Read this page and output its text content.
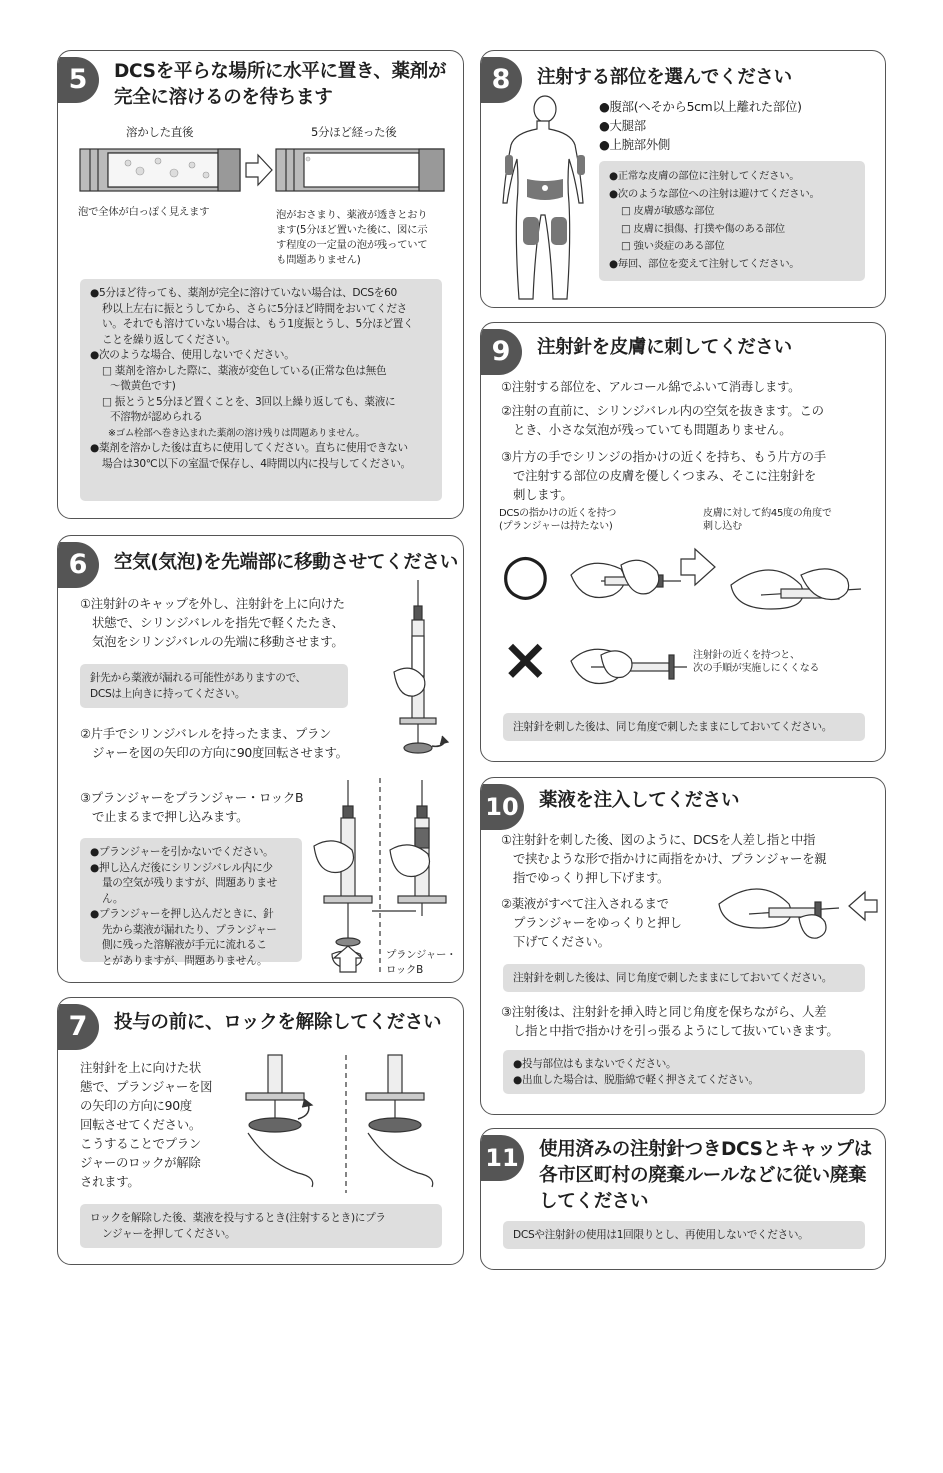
5	DCSを平らな場所に水平に置き、薬剤が
完全に溶けるのを待ちます
溶かした直後	5分ほど経った後
泡で全体が白っぽく見えます	泡がおさまり、薬液が透きとおり
ます(5分ほど置いた後に、図に示
す程度の一定量の泡が残っていて
も問題ありません)

●5分ほど待っても、薬剤が完全に溶けていない場合は、DCSを60

秒以上左右に振とうしてから、さらに5分ほど時間をおいてくださ

い。それでも溶けていない場合は、もう1度振とうし、5分ほど置く

ことを繰り返してください。

●次のような場合、使用しないでください。

□ 薬剤を溶かした際に、薬液が変色している(正常な色は無色

〜微黄色です)

□ 振とうと5分ほど置くことを、3回以上繰り返しても、薬液に

不溶物が認められる

※ゴム栓部へ巻き込まれた薬剤の溶け残りは問題ありません。

●薬剤を溶かした後は直ちに使用してください。直ちに使用できない

場合は30℃以下の室温で保存し、4時間以内に投与してください。

6	空気(気泡)を先端部に移動させてください
①注射針のキャップを外し、注射針を上に向けた
状態で、シリンジバレルを指先で軽くたたき、
気泡をシリンジバレルの先端に移動させます。

針先から薬液が漏れる可能性がありますので、

DCSは上向きに持ってください。

②片手でシリンジバレルを持ったまま、プラン
ジャーを図の矢印の方向に90度回転させます。
③プランジャーをプランジャー・ロックB
で止まるまで押し込みます。

●プランジャーを引かないでください。

●押し込んだ後にシリンジバレル内に少

量の空気が残りますが、問題ありません。

●プランジャーを押し込んだときに、針

先から薬液が漏れたり、プランジャー

側に残った溶解液が手元に流れるこ

とがありますが、問題ありません。	プランジャー・
ロックB
7	投与の前に、ロックを解除してください
注射針を上に向けた状
態で、プランジャーを図
の矢印の方向に90度
回転させてください。
こうすることでプラン
ジャーのロックが解除
されます。

ロックを解除した後、薬液を投与するとき(注射するとき)にプラ

ンジャーを押してください。

8	注射する部位を選んでください
●腹部(へそから5cm以上離れた部位)
●大腿部
●上腕部外側

●正常な皮膚の部位に注射してください。

●次のような部位への注射は避けてください。

□ 皮膚が敏感な部位

□ 皮膚に損傷、打撲や傷のある部位

□ 強い炎症のある部位

●毎回、部位を変えて注射してください。

9	注射針を皮膚に刺してください
①注射する部位を、アルコール綿でふいて消毒します。
②注射の直前に、シリンジバレル内の空気を抜きます。この
とき、小さな気泡が残っていても問題ありません。
③片方の手でシリンジの指かけの近くを持ち、もう片方の手
で注射する部位の皮膚を優しくつまみ、そこに注射針を
刺します。
DCSの指かけの近くを持つ
(プランジャーは持たない)
皮膚に対して約45度の角度で
刺し込む
○
×	注射針の近くを持つと、
次の手順が実施しにくくなる

注射針を刺した後は、同じ角度で刺したままにしておいてください。

10 薬液を注入してください
①注射針を刺した後、図のように、DCSを人差し指と中指
で挟むような形で指かけに両指をかけ、プランジャーを親
指でゆっくり押し下げます。
②薬液がすべて注入されるまで
プランジャーをゆっくりと押し
下げてください。

注射針を刺した後は、同じ角度で刺したままにしておいてください。

③注射後は、注射針を挿入時と同じ角度を保ちながら、人差
し指と中指で指かけを引っ張るようにして抜いていきます。

●投与部位はもまないでください。

●出血した場合は、脱脂綿で軽く押さえてください。

11 使用済みの注射針つきDCSとキャップは
各市区町村の廃棄ルールなどに従い廃棄
してください

DCSや注射針の使用は1回限りとし、再使用しないでください。
